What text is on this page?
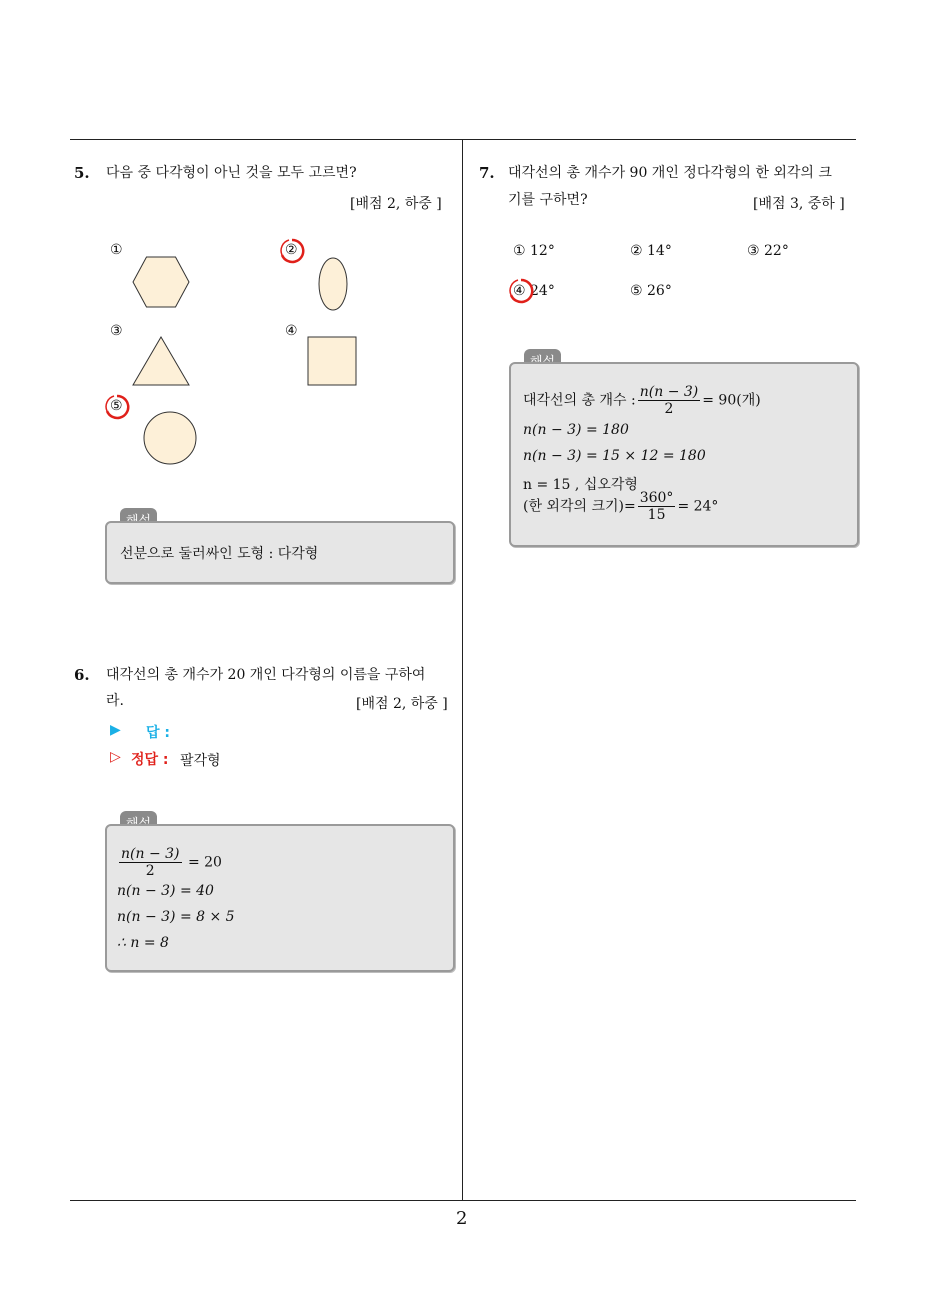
5. 다음 중 다각형이 아닌 것을 모두 고르면?
[배점 2, 하중 ]
①	②
③	④
⑤
선분으로 둘러싸인 도형 : 다각형
6. 대각선의 총 개수가 20 개인 다각형의 이름을 구하여
라.	[배점 2, 하중 ]
▶ 답 :
▷ 정답 : 팔각형
$\frac{n(n - 3)}{2} = 20$
n(n − 3) = 40
n(n − 3) = 8 × 5
∴ n = 8
7. 대각선의 총 개수가 90 개인 정다각형의 한 외각의 크
기를 구하면?	[배점 3, 중하 ]
① 12°	② 14°	③ 22°
④ 24°	⑤ 26°
대각선의 총 개수 : $\frac{n(n - 3)}{2} = 90$(개)
n(n − 3) = 180
n(n − 3) = 15 × 12 = 180
n = 15 , 십오각형
(한 외각의 크기)= $\frac{360^\circ}{15} = 24^\circ$
2
